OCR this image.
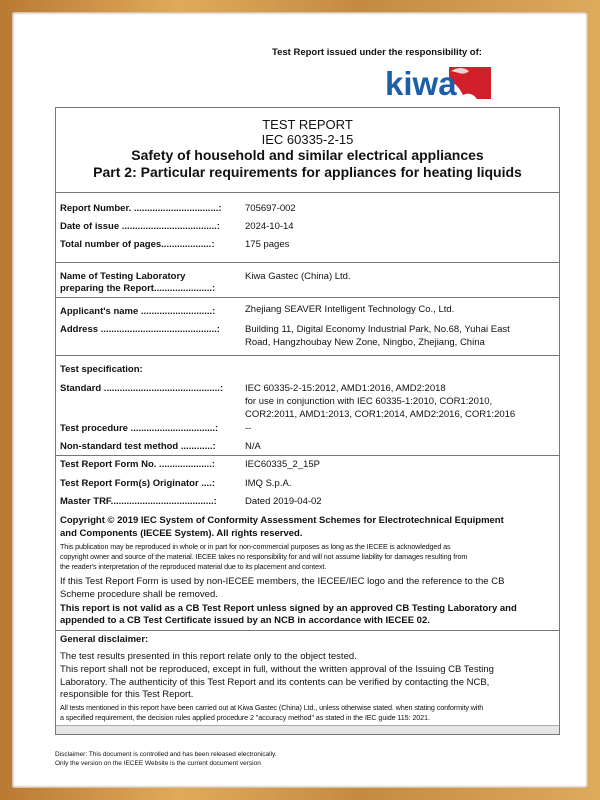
Test Report issued under the responsibility of:
kiwa
TEST REPORT
IEC 60335-2-15
Safety of household and similar electrical appliances
Part 2: Particular requirements for appliances for heating liquids
Report Number. ................................: 705697-002
Date of issue ....................................:	2024-10-14
Total number of pages...................:	175 pages
Name of Testing Laboratory
preparing the Report......................:
Kiwa Gastec (China) Ltd.
Applicant's name ...........................:	Zhejiang SEAVER Intelligent Technology Co., Ltd.
Address ............................................:	Building 11, Digital Economy Industrial Park, No.68, Yuhai East
Road, Hangzhoubay New Zone, Ningbo, Zhejiang, China
Test specification:
Standard ............................................: IEC 60335-2-15:2012, AMD1:2016, AMD2:2018
for use in conjunction with IEC 60335-1:2010, COR1:2010,
COR2:2011, AMD1:2013, COR1:2014, AMD2:2016, COR1:2016
Test procedure ................................:	--
Non-standard test method ............:	N/A
Test Report Form No. ....................:	IEC60335_2_15P
Test Report Form(s) Originator ....:	IMQ S.p.A.
Master TRF.......................................:	Dated 2019-04-02
Copyright © 2019 IEC System of Conformity Assessment Schemes for Electrotechnical Equipment
and Components (IECEE System). All rights reserved.
This publication may be reproduced in whole or in part for non-commercial purposes as long as the IECEE is acknowledged as
copyright owner and source of the material. IECEE takes no responsibility for and will not assume liability for damages resulting from
the reader's interpretation of the reproduced material due to its placement and context.
If this Test Report Form is used by non-IECEE members, the IECEE/IEC logo and the reference to the CB
Scheme procedure shall be removed.
This report is not valid as a CB Test Report unless signed by an approved CB Testing Laboratory and
appended to a CB Test Certificate issued by an NCB in accordance with IECEE 02.
General disclaimer:
The test results presented in this report relate only to the object tested.
This report shall not be reproduced, except in full, without the written approval of the Issuing CB Testing
Laboratory. The authenticity of this Test Report and its contents can be verified by contacting the NCB,
responsible for this Test Report.
All tests mentioned in this report have been carried out at Kiwa Gastec (China) Ltd., unless otherwise stated. when stating conformity with
a specified requirement, the decision rules applied procedure 2 "accuracy method" as stated in the IEC guide 115: 2021.
Disclaimer: This document is controlled and has been released electronically.
Only the version on the IECEE Website is the current document version
